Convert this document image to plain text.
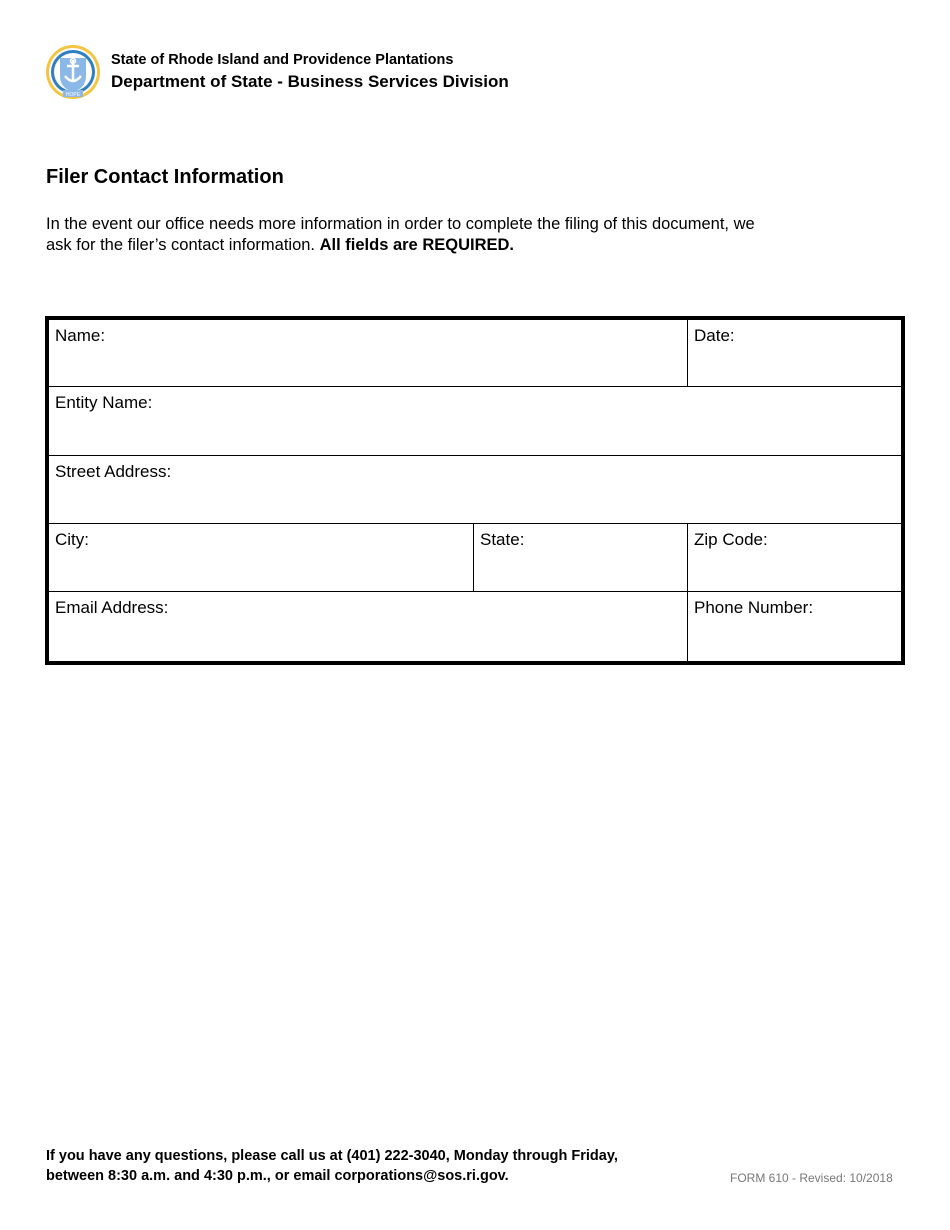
HOPE
State of Rhode Island and Providence Plantations
Department of State - Business Services Division
Filer Contact Information
In the event our office needs more information in order to complete the filing of this document, we ask for the filer’s contact information. All fields are REQUIRED.
Name:	Date:
Entity Name:
Street Address:
City:	State:	Zip Code:
Email Address:	Phone Number:
If you have any questions, please call us at (401) 222-3040, Monday through Friday,
between 8:30 a.m. and 4:30 p.m., or email corporations@sos.ri.gov.	FORM 610 - Revised: 10/2018
